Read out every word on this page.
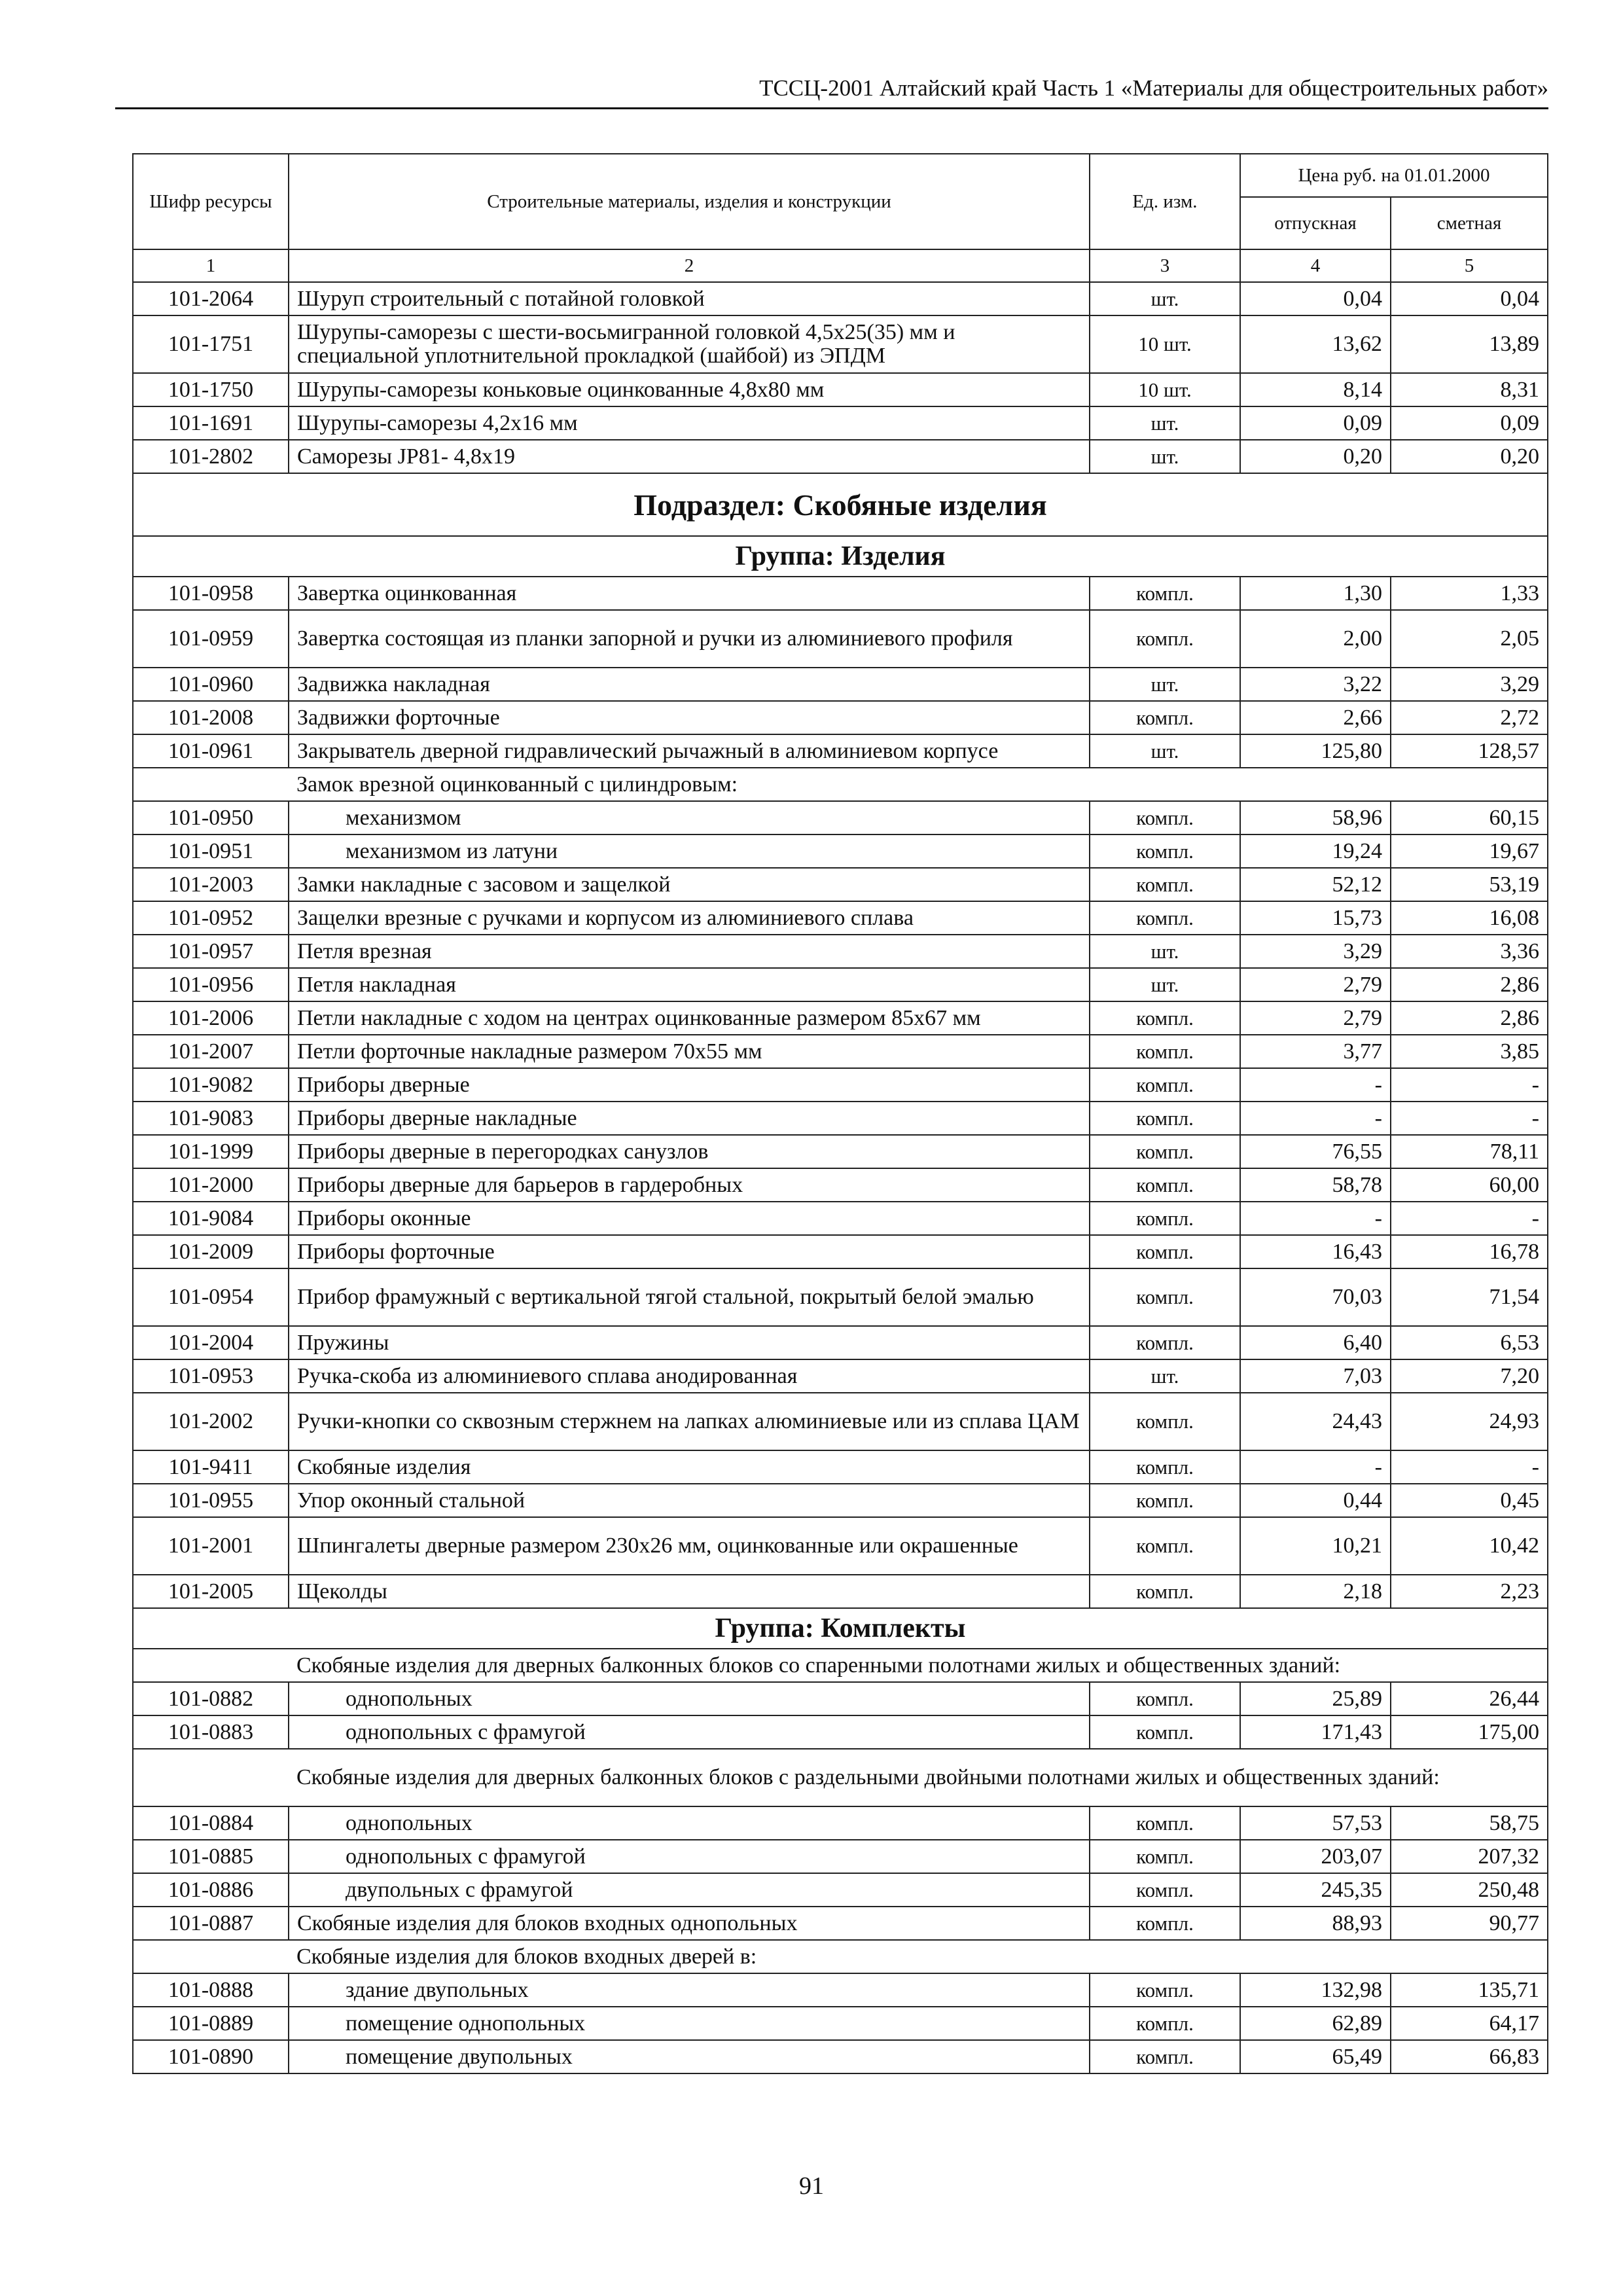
ТССЦ-2001 Алтайский край Часть 1 «Материалы для общестроительных работ»
Шифр ресурсы	Строительные материалы, изделия и конструкции	Ед. изм.	Цена руб. на 01.01.2000	
			отпускная	сметная
1	2	3	4	5
101-2064	Шуруп строительный с потайной головкой	шт.	0,04	0,04
101-1751	Шурупы-саморезы с шести-восьмигранной головкой 4,5х25(35) мм и специальной уплотнительной прокладкой (шайбой) из ЭПДМ	10 шт.	13,62	13,89
101-1750	Шурупы-саморезы коньковые оцинкованные 4,8х80 мм	10 шт.	8,14	8,31
101-1691	Шурупы-саморезы 4,2х16 мм	шт.	0,09	0,09
101-2802	Саморезы JP81- 4,8х19	шт.	0,20	0,20
Подраздел: Скобяные изделия				
Группа: Изделия				
101-0958	Завертка оцинкованная	компл.	1,30	1,33
101-0959	Завертка состоящая из планки запорной и ручки из алюминиевого профиля	компл.	2,00	2,05
101-0960	Задвижка накладная	шт.	3,22	3,29
101-2008	Задвижки форточные	компл.	2,66	2,72
101-0961	Закрыватель дверной гидравлический рычажный в алюминиевом корпусе	шт.	125,80	128,57
	Замок врезной оцинкованный с цилиндровым:			
101-0950	механизмом	компл.	58,96	60,15
101-0951	механизмом из латуни	компл.	19,24	19,67
101-2003	Замки накладные с засовом и защелкой	компл.	52,12	53,19
101-0952	Защелки врезные с ручками и корпусом из алюминиевого сплава	компл.	15,73	16,08
101-0957	Петля врезная	шт.	3,29	3,36
101-0956	Петля накладная	шт.	2,79	2,86
101-2006	Петли накладные с ходом на центрах оцинкованные размером 85х67 мм	компл.	2,79	2,86
101-2007	Петли форточные накладные размером 70х55 мм	компл.	3,77	3,85
101-9082	Приборы дверные	компл.	-	-
101-9083	Приборы дверные накладные	компл.	-	-
101-1999	Приборы дверные в перегородках санузлов	компл.	76,55	78,11
101-2000	Приборы дверные для барьеров в гардеробных	компл.	58,78	60,00
101-9084	Приборы оконные	компл.	-	-
101-2009	Приборы форточные	компл.	16,43	16,78
101-0954	Прибор фрамужный с вертикальной тягой стальной, покрытый белой эмалью	компл.	70,03	71,54
101-2004	Пружины	компл.	6,40	6,53
101-0953	Ручка-скоба из алюминиевого сплава анодированная	шт.	7,03	7,20
101-2002	Ручки-кнопки со сквозным стержнем на лапках алюминиевые или из сплава ЦАМ	компл.	24,43	24,93
101-9411	Скобяные изделия	компл.	-	-
101-0955	Упор оконный стальной	компл.	0,44	0,45
101-2001	Шпингалеты дверные размером 230х26 мм, оцинкованные или окрашенные	компл.	10,21	10,42
101-2005	Щеколды	компл.	2,18	2,23
Группа: Комплекты				
	Скобяные изделия для дверных балконных блоков со спаренными полотнами жилых и общественных зданий:			
101-0882	однопольных	компл.	25,89	26,44
101-0883	однопольных с фрамугой	компл.	171,43	175,00
	Скобяные изделия для дверных балконных блоков с раздельными двойными полотнами жилых и общественных зданий:			
101-0884	однопольных	компл.	57,53	58,75
101-0885	однопольных с фрамугой	компл.	203,07	207,32
101-0886	двупольных с фрамугой	компл.	245,35	250,48
101-0887	Скобяные изделия для блоков входных однопольных	компл.	88,93	90,77
	Скобяные изделия для блоков входных дверей в:			
101-0888	здание двупольных	компл.	132,98	135,71
101-0889	помещение однопольных	компл.	62,89	64,17
101-0890	помещение двупольных	компл.	65,49	66,83
91
